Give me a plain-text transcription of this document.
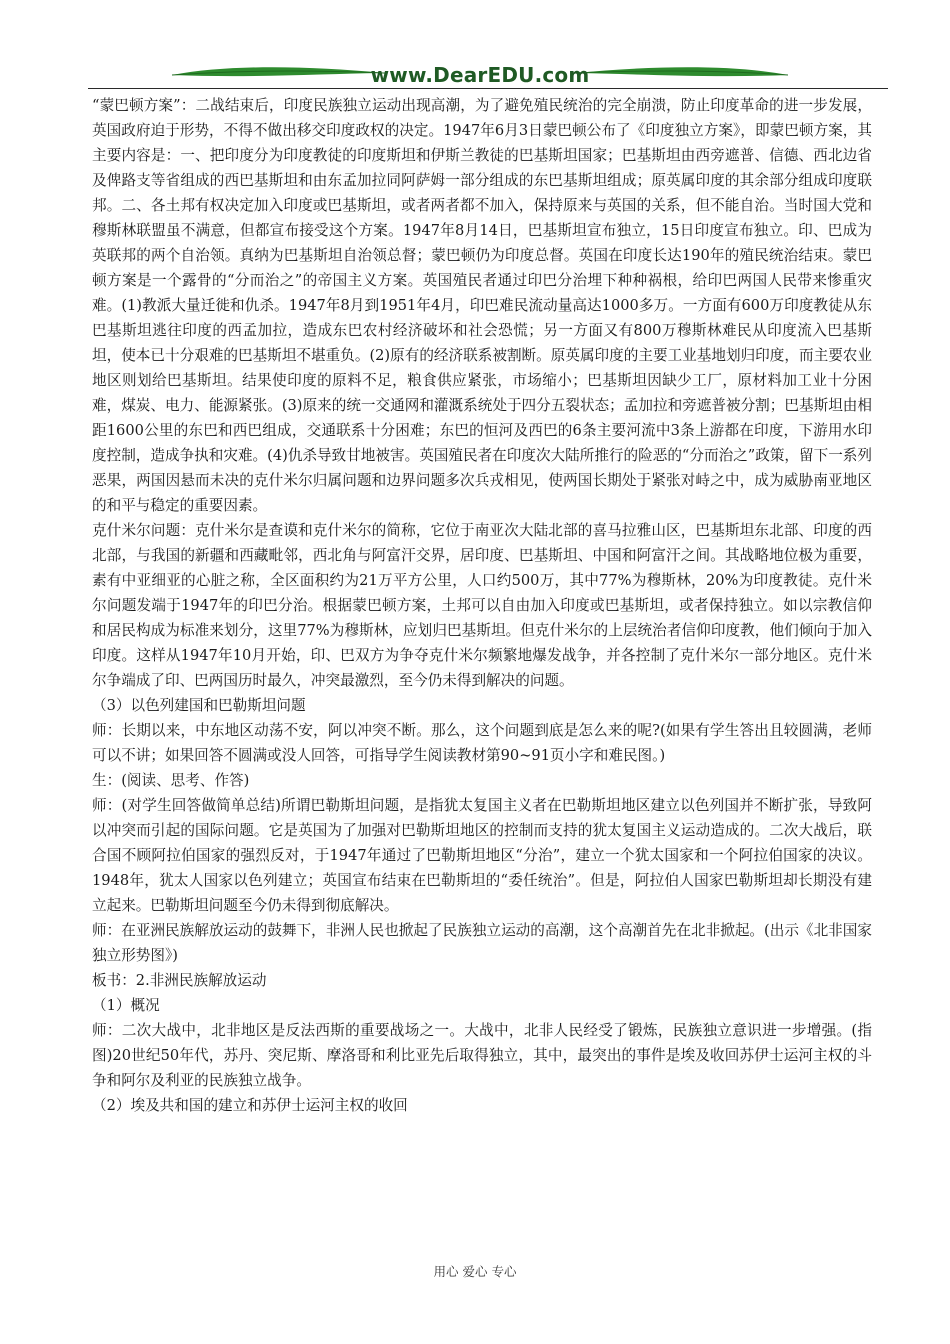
www.DearEDU.com

“蒙巴顿方案”：二战结束后，印度民族独立运动出现高潮，为了避免殖民统治的完全崩溃，防止印度革命的进一步发展，英国政府迫于形势，不得不做出移交印度政权的决定。1947年6月3日蒙巴顿公布了《印度独立方案》，即蒙巴顿方案，其主要内容是：一、把印度分为印度教徒的印度斯坦和伊斯兰教徒的巴基斯坦国家；巴基斯坦由西旁遮普、信德、西北边省及俾路支等省组成的西巴基斯坦和由东孟加拉同阿萨姆一部分组成的东巴基斯坦组成；原英属印度的其余部分组成印度联邦。二、各土邦有权决定加入印度或巴基斯坦，或者两者都不加入，保持原来与英国的关系，但不能自治。当时国大党和穆斯林联盟虽不满意，但都宣布接受这个方案。1947年8月14日，巴基斯坦宣布独立，15日印度宣布独立。印、巴成为英联邦的两个自治领。真纳为巴基斯坦自治领总督；蒙巴顿仍为印度总督。英国在印度长达190年的殖民统治结束。蒙巴顿方案是一个露骨的“分而治之”的帝国主义方案。英国殖民者通过印巴分治埋下种种祸根，给印巴两国人民带来惨重灾难。(1)教派大量迁徙和仇杀。1947年8月到1951年4月，印巴难民流动量高达1000多万。一方面有600万印度教徒从东巴基斯坦逃往印度的西孟加拉，造成东巴农村经济破坏和社会恐慌；另一方面又有800万穆斯林难民从印度流入巴基斯坦，使本已十分艰难的巴基斯坦不堪重负。(2)原有的经济联系被割断。原英属印度的主要工业基地划归印度，而主要农业地区则划给巴基斯坦。结果使印度的原料不足，粮食供应紧张，市场缩小；巴基斯坦因缺少工厂，原材料加工业十分困难，煤炭、电力、能源紧张。(3)原来的统一交通网和灌溉系统处于四分五裂状态；孟加拉和旁遮普被分割；巴基斯坦由相距1600公里的东巴和西巴组成，交通联系十分困难；东巴的恒河及西巴的6条主要河流中3条上游都在印度，下游用水印度控制，造成争执和灾难。(4)仇杀导致甘地被害。英国殖民者在印度次大陆所推行的险恶的“分而治之”政策，留下一系列恶果，两国因悬而未决的克什米尔归属问题和边界问题多次兵戎相见，使两国长期处于紧张对峙之中，成为威胁南亚地区的和平与稳定的重要因素。

克什米尔问题：克什米尔是查谟和克什米尔的简称，它位于南亚次大陆北部的喜马拉雅山区，巴基斯坦东北部、印度的西北部，与我国的新疆和西藏毗邻，西北角与阿富汗交界，居印度、巴基斯坦、中国和阿富汗之间。其战略地位极为重要，素有中亚细亚的心脏之称，全区面积约为21万平方公里，人口约500万，其中77%为穆斯林，20%为印度教徒。克什米尔问题发端于1947年的印巴分治。根据蒙巴顿方案，土邦可以自由加入印度或巴基斯坦，或者保持独立。如以宗教信仰和居民构成为标准来划分，这里77%为穆斯林，应划归巴基斯坦。但克什米尔的上层统治者信仰印度教，他们倾向于加入印度。这样从1947年10月开始，印、巴双方为争夺克什米尔频繁地爆发战争，并各控制了克什米尔一部分地区。克什米尔争端成了印、巴两国历时最久，冲突最激烈，至今仍未得到解决的问题。

（3）以色列建国和巴勒斯坦问题

师：长期以来，中东地区动荡不安，阿以冲突不断。那么，这个问题到底是怎么来的呢?(如果有学生答出且较圆满，老师可以不讲；如果回答不圆满或没人回答，可指导学生阅读教材第90~91页小字和难民图。)

生：(阅读、思考、作答)

师：(对学生回答做简单总结)所谓巴勒斯坦问题，是指犹太复国主义者在巴勒斯坦地区建立以色列国并不断扩张，导致阿以冲突而引起的国际问题。它是英国为了加强对巴勒斯坦地区的控制而支持的犹太复国主义运动造成的。二次大战后，联合国不顾阿拉伯国家的强烈反对，于1947年通过了巴勒斯坦地区“分治”，建立一个犹太国家和一个阿拉伯国家的决议。1948年，犹太人国家以色列建立；英国宣布结束在巴勒斯坦的“委任统治”。但是，阿拉伯人国家巴勒斯坦却长期没有建立起来。巴勒斯坦问题至今仍未得到彻底解决。

师：在亚洲民族解放运动的鼓舞下，非洲人民也掀起了民族独立运动的高潮，这个高潮首先在北非掀起。(出示《北非国家独立形势图》)

板书：2.非洲民族解放运动

（1）概况

师：二次大战中，北非地区是反法西斯的重要战场之一。大战中，北非人民经受了锻炼，民族独立意识进一步增强。(指图)20世纪50年代，苏丹、突尼斯、摩洛哥和利比亚先后取得独立，其中，最突出的事件是埃及收回苏伊士运河主权的斗争和阿尔及利亚的民族独立战争。

（2）埃及共和国的建立和苏伊士运河主权的收回

用心 爱心 专心
